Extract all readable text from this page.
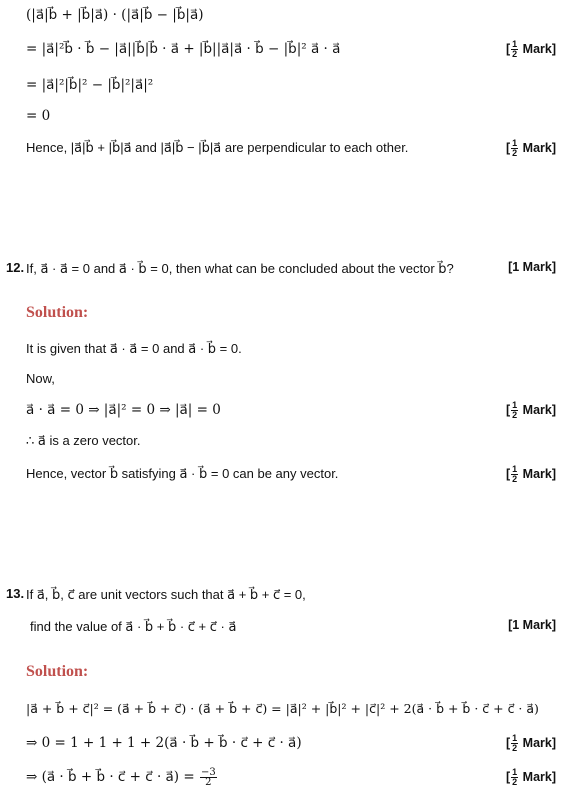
(|a⃗|b⃗ + |b⃗|a⃗) · (|a⃗|b⃗ − |b⃗|a⃗)
= |a⃗|²b⃗ · b⃗ − |a⃗||b⃗|b⃗ · a⃗ + |b⃗||a⃗|a⃗ · b⃗ − |b⃗|² a⃗ · a⃗	[ $\frac{1}{2}$ Mark]
= |a⃗|²|b⃗|² − |b⃗|²|a⃗|²
= 0
Hence, |a⃗|b⃗ + |b⃗|a⃗ and |a⃗|b⃗ − |b⃗|a⃗ are perpendicular to each other.	[ $\frac{1}{2}$ Mark]
12. If, a⃗ · a⃗ = 0 and a⃗ · b⃗ = 0, then what can be concluded about the vector b⃗?	[1 Mark]
Solution:
It is given that a⃗ · a⃗ = 0 and a⃗ · b⃗ = 0.
Now,
a⃗ · a⃗ = 0 ⇒ |a⃗|² = 0 ⇒ |a⃗| = 0	[ $\frac{1}{2}$ Mark]
∴ a⃗ is a zero vector.
Hence, vector b⃗ satisfying a⃗ · b⃗ = 0 can be any vector.	[ $\frac{1}{2}$ Mark]
13. If a⃗, b⃗, c⃗ are unit vectors such that a⃗ + b⃗ + c⃗ = 0,
find the value of a⃗ · b⃗ + b⃗ · c⃗ + c⃗ · a⃗	[1 Mark]
Solution:
|a⃗ + b⃗ + c⃗|² = (a⃗ + b⃗ + c⃗) · (a⃗ + b⃗ + c⃗) = |a⃗|² + |b⃗|² + |c⃗|² + 2(a⃗ · b⃗ + b⃗ · c⃗ + c⃗ · a⃗)
⇒ 0 = 1 + 1 + 1 + 2(a⃗ · b⃗ + b⃗ · c⃗ + c⃗ · a⃗)	[ $\frac{1}{2}$ Mark]
⇒ (a⃗ · b⃗ + b⃗ · c⃗ + c⃗ · a⃗) = $\frac{-3}{2}$	[ $\frac{1}{2}$ Mark]
